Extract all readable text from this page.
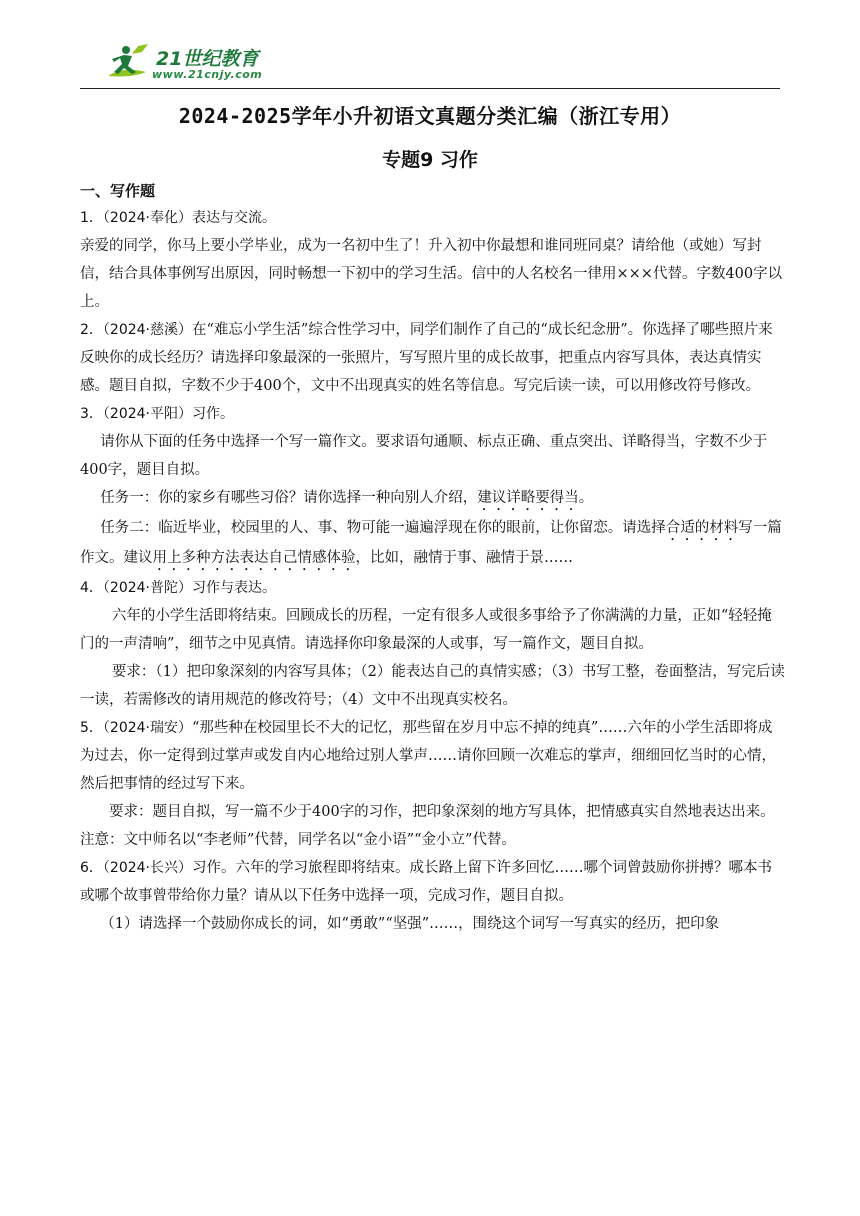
21世纪教育
www.21cnjy.com
2024-2025学年小升初语文真题分类汇编（浙江专用）
专题9 习作
一、写作题

1．（2024·奉化）表达与交流。

亲爱的同学，你马上要小学毕业，成为一名初中生了！升入初中你最想和谁同班同桌？请给他（或她）写封信，结合具体事例写出原因，同时畅想一下初中的学习生活。信中的人名校名一律用×××代替。字数400字以上。

2．（2024·慈溪）在“难忘小学生活”综合性学习中，同学们制作了自己的“成长纪念册”。你选择了哪些照片来反映你的成长经历？请选择印象最深的一张照片，写写照片里的成长故事，把重点内容写具体，表达真情实感。题目自拟，字数不少于400个，文中不出现真实的姓名等信息。写完后读一读，可以用修改符号修改。

3．（2024·平阳）习作。

请你从下面的任务中选择一个写一篇作文。要求语句通顺、标点正确、重点突出、详略得当，字数不少于 400字，题目自拟。

任务一：你的家乡有哪些习俗？请你选择一种向别人介绍，建议详略要得当。

任务二：临近毕业，校园里的人、事、物可能一遍遍浮现在你的眼前，让你留恋。请选择合适的材料写一篇作文。建议用上多种方法表达自己情感体验，比如，融情于事、融情于景……

4．（2024·普陀）习作与表达。

六年的小学生活即将结束。回顾成长的历程，一定有很多人或很多事给予了你满满的力量，正如“轻轻掩门的一声清响”，细节之中见真情。请选择你印象最深的人或事，写一篇作文，题目自拟。

要求：（1）把印象深刻的内容写具体；（2）能表达自己的真情实感；（3）书写工整，卷面整洁，写完后读一读，若需修改的请用规范的修改符号；（4）文中不出现真实校名。

5．（2024·瑞安）“那些种在校园里长不大的记忆，那些留在岁月中忘不掉的纯真”……六年的小学生活即将成为过去，你一定得到过掌声或发自内心地给过别人掌声……请你回顾一次难忘的掌声，细细回忆当时的心情，然后把事情的经过写下来。

要求：题目自拟，写一篇不少于400字的习作，把印象深刻的地方写具体，把情感真实自然地表达出来。注意：文中师名以“李老师”代替，同学名以“金小语”“金小立”代替。

6．（2024·长兴）习作。六年的学习旅程即将结束。成长路上留下许多回忆……哪个词曾鼓励你拼搏？哪本书或哪个故事曾带给你力量？请从以下任务中选择一项，完成习作，题目自拟。

（1）请选择一个鼓励你成长的词，如“勇敢”“坚强”……，围绕这个词写一写真实的经历，把印象
